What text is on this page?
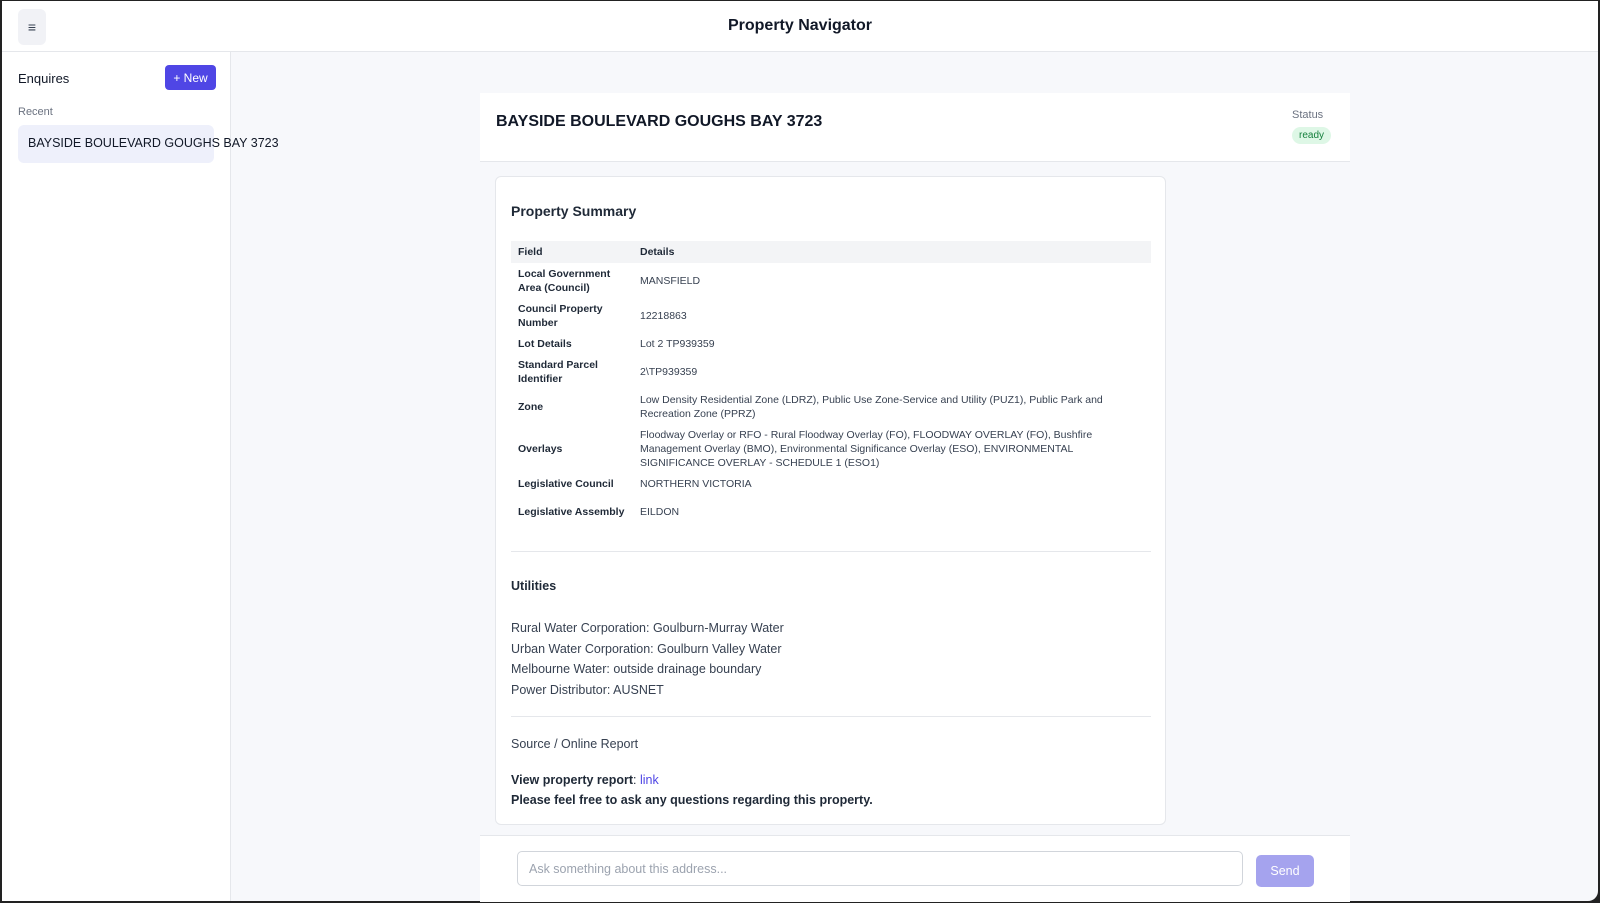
≡	Property Navigator
Enquires	+ New
Recent
BAYSIDE BOULEVARD GOUGHS BAY 3723
BAYSIDE BOULEVARD GOUGHS BAY 3723	Status
ready
Property Summary
Field	Details
Local Government Area (Council)	MANSFIELD
Council Property Number	12218863
Lot Details	Lot 2 TP939359
Standard Parcel Identifier	2\TP939359
Zone	Low Density Residential Zone (LDRZ), Public Use Zone-Service and Utility (PUZ1), Public Park and Recreation Zone (PPRZ)
Overlays	Floodway Overlay or RFO - Rural Floodway Overlay (FO), FLOODWAY OVERLAY (FO), Bushfire Management Overlay (BMO), Environmental Significance Overlay (ESO), ENVIRONMENTAL SIGNIFICANCE OVERLAY - SCHEDULE 1 (ESO1)
Legislative Council	NORTHERN VICTORIA
Legislative Assembly	EILDON
Utilities
Rural Water Corporation: Goulburn-Murray Water
Urban Water Corporation: Goulburn Valley Water
Melbourne Water: outside drainage boundary
Power Distributor: AUSNET
Source / Online Report
View property report: link
Please feel free to ask any questions regarding this property.
Ask something about this address...
Send
